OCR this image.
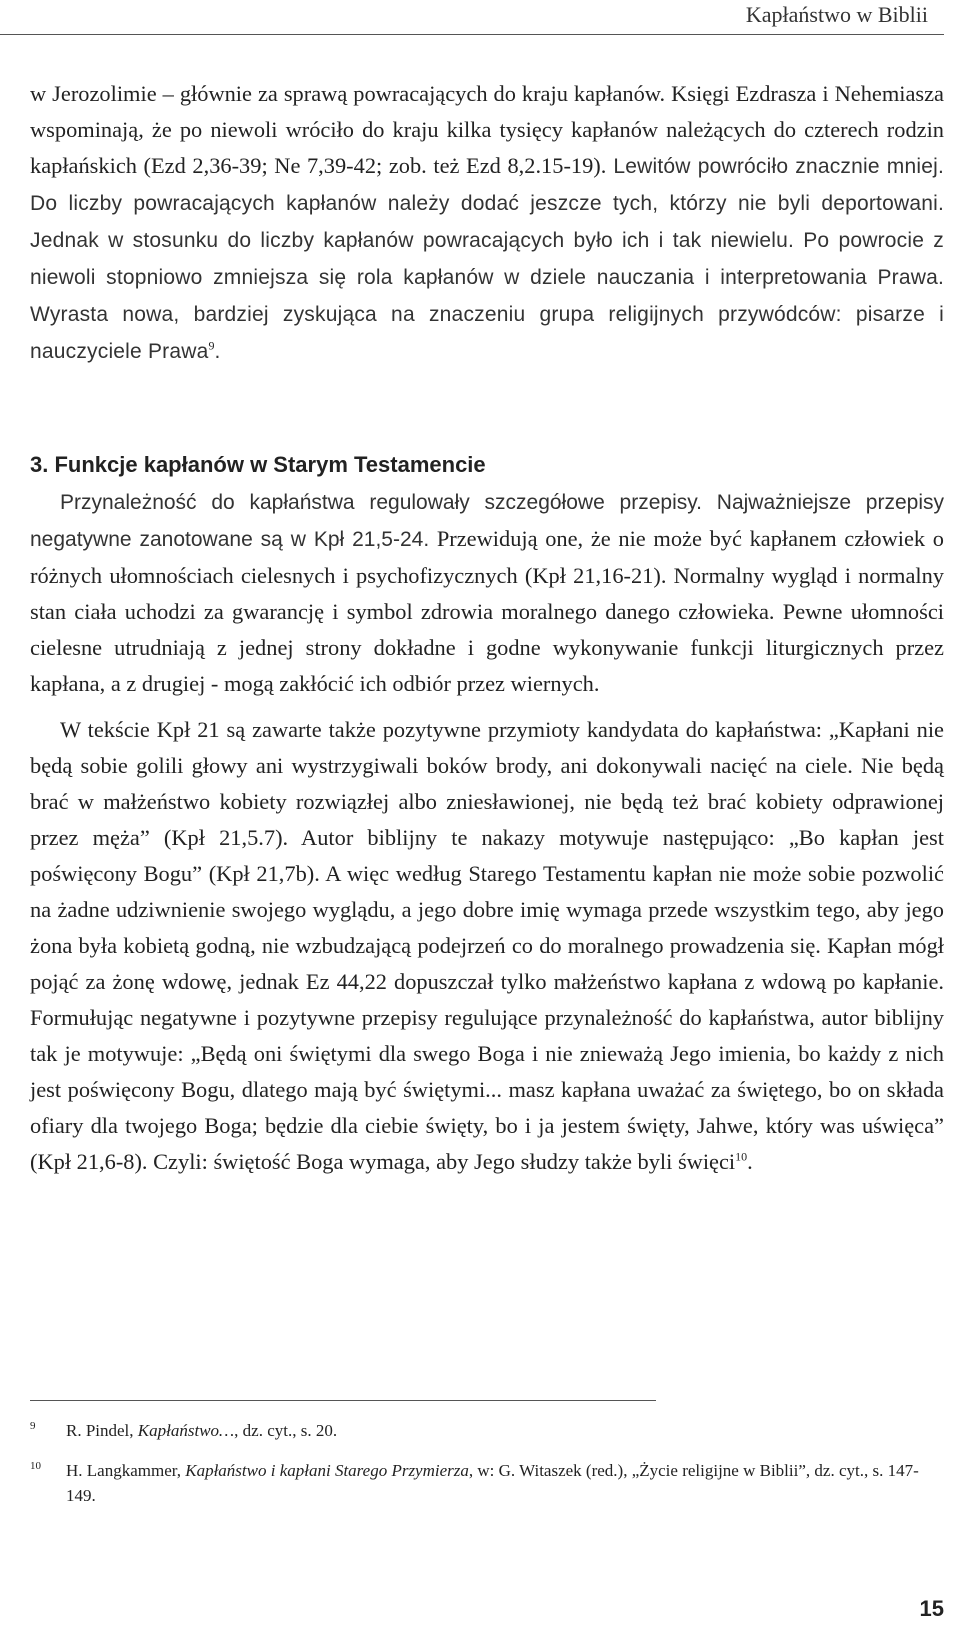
Kapłaństwo w Biblii

w Jerozolimie – głównie za sprawą powracających do kraju kapłanów. Księgi Ezdrasza i Nehemiasza wspominają, że po niewoli wróciło do kraju kilka tysięcy kapłanów należących do czterech rodzin kapłańskich (Ezd 2,36-39; Ne 7,39-42; zob. też Ezd 8,2.15-19). Lewitów powróciło znacznie mniej. Do liczby powracających kapłanów należy dodać jeszcze tych, którzy nie byli deportowani. Jednak w stosunku do liczby kapłanów powracających było ich i tak niewielu. Po powrocie z niewoli stopniowo zmniejsza się rola kapłanów w dziele nauczania i interpretowania Prawa. Wyrasta nowa, bardziej zyskująca na znaczeniu grupa religijnych przywódców: pisarze i nauczyciele Prawa$^9$.

3. Funkcje kapłanów w Starym Testamencie

Przynależność do kapłaństwa regulowały szczegółowe przepisy. Najważniejsze przepisy negatywne zanotowane są w Kpł 21,5-24. Przewidują one, że nie może być kapłanem człowiek o różnych ułomnościach cielesnych i psychofizycznych (Kpł 21,16-21). Normalny wygląd i normalny stan ciała uchodzi za gwarancję i symbol zdrowia moralnego danego człowieka. Pewne ułomności cielesne utrudniają z jednej strony dokładne i godne wykonywanie funkcji liturgicznych przez kapłana, a z drugiej - mogą zakłócić ich odbiór przez wiernych.

W tekście Kpł 21 są zawarte także pozytywne przymioty kandydata do kapłaństwa: „Kapłani nie będą sobie golili głowy ani wystrzygiwali boków brody, ani dokonywali nacięć na ciele. Nie będą brać w małżeństwo kobiety rozwiązłej albo zniesławionej, nie będą też brać kobiety odprawionej przez męża” (Kpł 21,5.7). Autor biblijny te nakazy motywuje następująco: „Bo kapłan jest poświęcony Bogu” (Kpł 21,7b). A więc według Starego Testamentu kapłan nie może sobie pozwolić na żadne udziwnienie swojego wyglądu, a jego dobre imię wymaga przede wszystkim tego, aby jego żona była kobietą godną, nie wzbudzającą podejrzeń co do moralnego prowadzenia się. Kapłan mógł pojąć za żonę wdowę, jednak Ez 44,22 dopuszczał tylko małżeństwo kapłana z wdową po kapłanie. Formułując negatywne i pozytywne przepisy regulujące przynależność do kapłaństwa, autor biblijny tak je motywuje: „Będą oni świętymi dla swego Boga i nie znieważą Jego imienia, bo każdy z nich jest poświęcony Bogu, dlatego mają być świętymi... masz kapłana uważać za świętego, bo on składa ofiary dla twojego Boga; będzie dla ciebie święty, bo i ja jestem święty, Jahwe, który was uświęca” (Kpł 21,6-8). Czyli: świętość Boga wymaga, aby Jego słudzy także byli święci$^{10}$.

9 R. Pindel, Kapłaństwo…, dz. cyt., s. 20.
10 H. Langkammer, Kapłaństwo i kapłani Starego Przymierza, w: G. Witaszek (red.), „Życie religijne w Biblii”, dz. cyt., s. 147-149.
15
